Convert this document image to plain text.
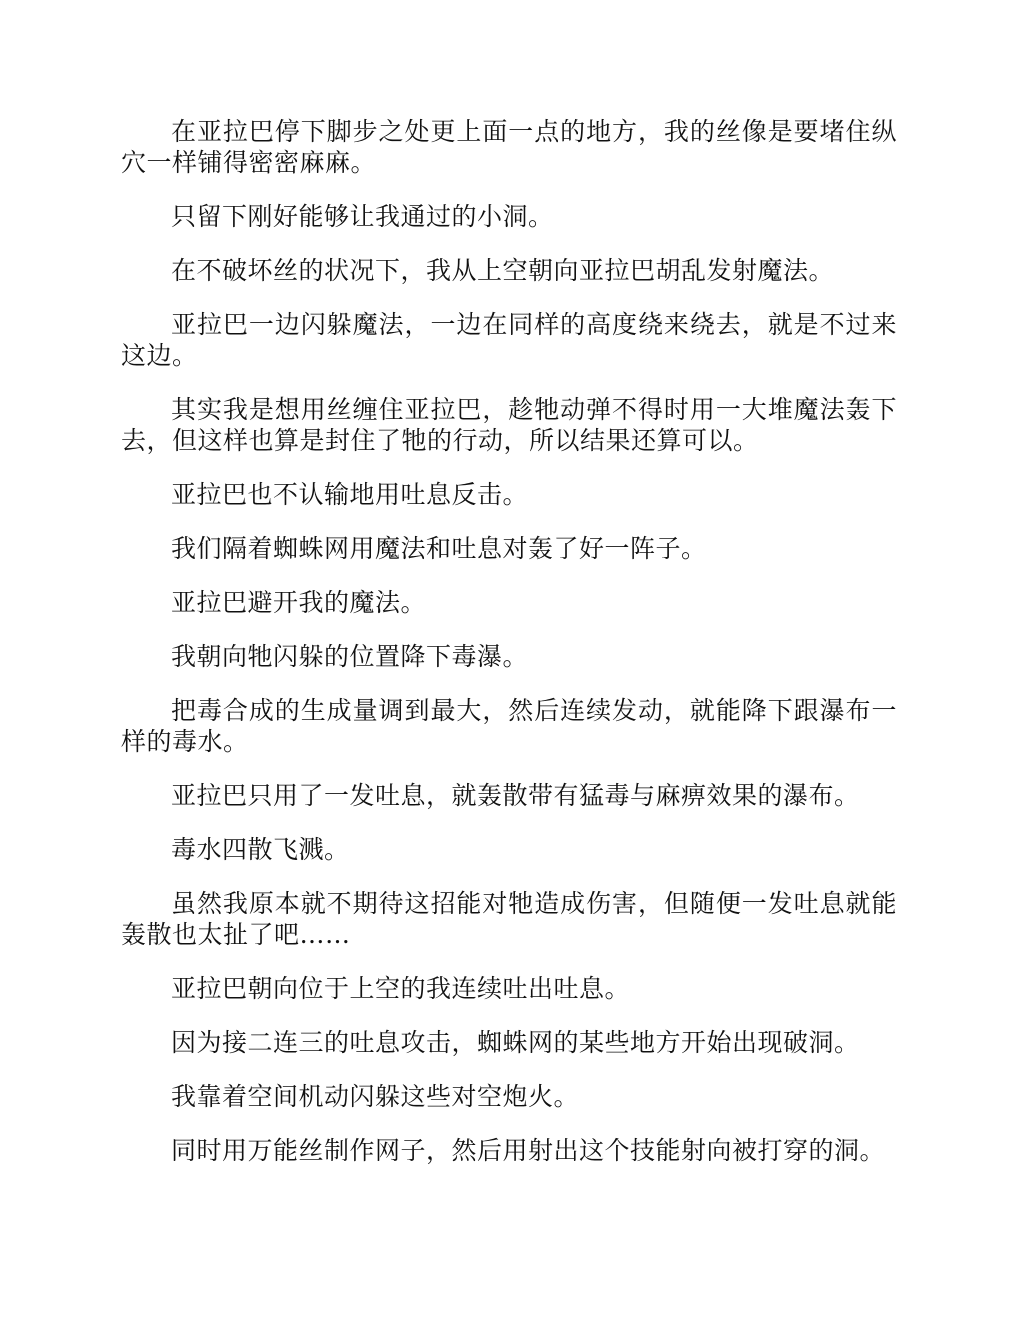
在亚拉巴停下脚步之处更上面一点的地方，我的丝像是要堵住纵穴一样铺得密密麻麻。

只留下刚好能够让我通过的小洞。

在不破坏丝的状况下，我从上空朝向亚拉巴胡乱发射魔法。

亚拉巴一边闪躲魔法，一边在同样的高度绕来绕去，就是不过来这边。

其实我是想用丝缠住亚拉巴，趁牠动弹不得时用一大堆魔法轰下去，但这样也算是封住了牠的行动，所以结果还算可以。

亚拉巴也不认输地用吐息反击。

我们隔着蜘蛛网用魔法和吐息对轰了好一阵子。

亚拉巴避开我的魔法。

我朝向牠闪躲的位置降下毒瀑。

把毒合成的生成量调到最大，然后连续发动，就能降下跟瀑布一样的毒水。

亚拉巴只用了一发吐息，就轰散带有猛毒与麻痹效果的瀑布。

毒水四散飞溅。

虽然我原本就不期待这招能对牠造成伤害，但随便一发吐息就能轰散也太扯了吧……

亚拉巴朝向位于上空的我连续吐出吐息。

因为接二连三的吐息攻击，蜘蛛网的某些地方开始出现破洞。

我靠着空间机动闪躲这些对空炮火。

同时用万能丝制作网子，然后用射出这个技能射向被打穿的洞。
